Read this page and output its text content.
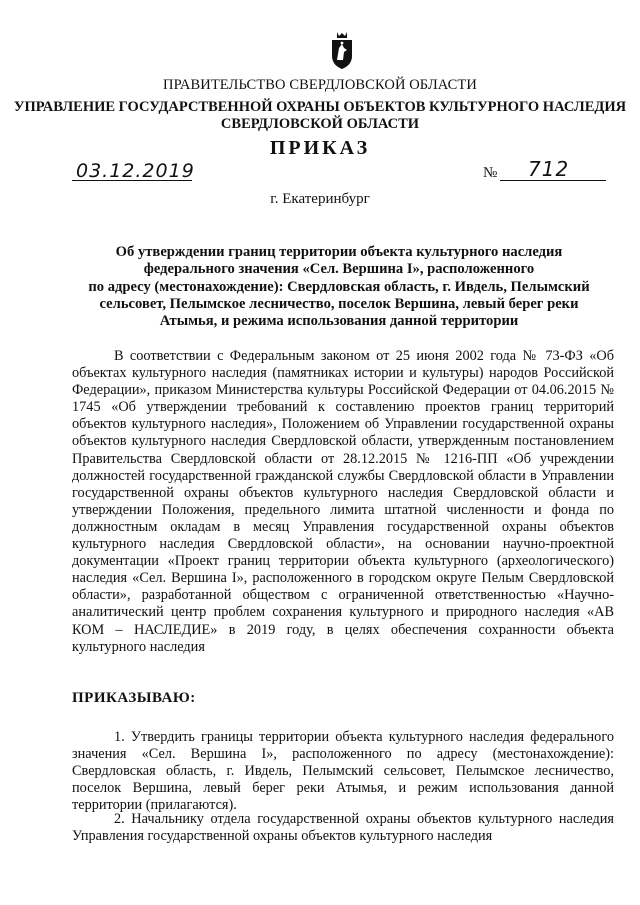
ПРАВИТЕЛЬСТВО СВЕРДЛОВСКОЙ ОБЛАСТИ
УПРАВЛЕНИЕ ГОСУДАРСТВЕННОЙ ОХРАНЫ ОБЪЕКТОВ КУЛЬТУРНОГО НАСЛЕДИЯ
СВЕРДЛОВСКОЙ ОБЛАСТИ
ПРИКАЗ
03.12.2019	№ 712
г. Екатеринбург
Об утверждении границ территории объекта культурного наследия
федерального значения «Сел. Вершина I», расположенного
по адресу (местонахождение): Свердловская область, г. Ивдель, Пелымский
сельсовет, Пелымское лесничество, поселок Вершина, левый берег реки
Атымья, и режима использования данной территории
В соответствии с Федеральным законом от 25 июня 2002 года № 73-ФЗ «Об объектах культурного наследия (памятниках истории и культуры) народов Российской Федерации», приказом Министерства культуры Российской Федерации от 04.06.2015 № 1745 «Об утверждении требований к составлению проектов границ территорий объектов культурного наследия», Положением об Управлении государственной охраны объектов культурного наследия Свердловской области, утвержденным постановлением Правительства Свердловской области от 28.12.2015 № 1216-ПП «Об учреждении должностей государственной гражданской службы Свердловской области в Управлении государственной охраны объектов культурного наследия Свердловской области и утверждении Положения, предельного лимита штатной численности и фонда по должностным окладам в месяц Управления государственной охраны объектов культурного наследия Свердловской области», на основании научно-проектной документации «Проект границ территории объекта культурного (археологического) наследия «Сел. Вершина I», расположенного в городском округе Пелым Свердловской области», разработанной обществом с ограниченной ответственностью «Научно-аналитический центр проблем сохранения культурного и природного наследия «АВ КОМ – НАСЛЕДИЕ» в 2019 году, в целях обеспечения сохранности объекта культурного наследия
ПРИКАЗЫВАЮ:
1. Утвердить границы территории объекта культурного наследия федерального значения «Сел. Вершина I», расположенного по адресу (местонахождение): Свердловская область, г. Ивдель, Пелымский сельсовет, Пелымское лесничество, поселок Вершина, левый берег реки Атымья, и режим использования данной территории (прилагаются).
2. Начальнику отдела государственной охраны объектов культурного наследия Управления государственной охраны объектов культурного наследия
